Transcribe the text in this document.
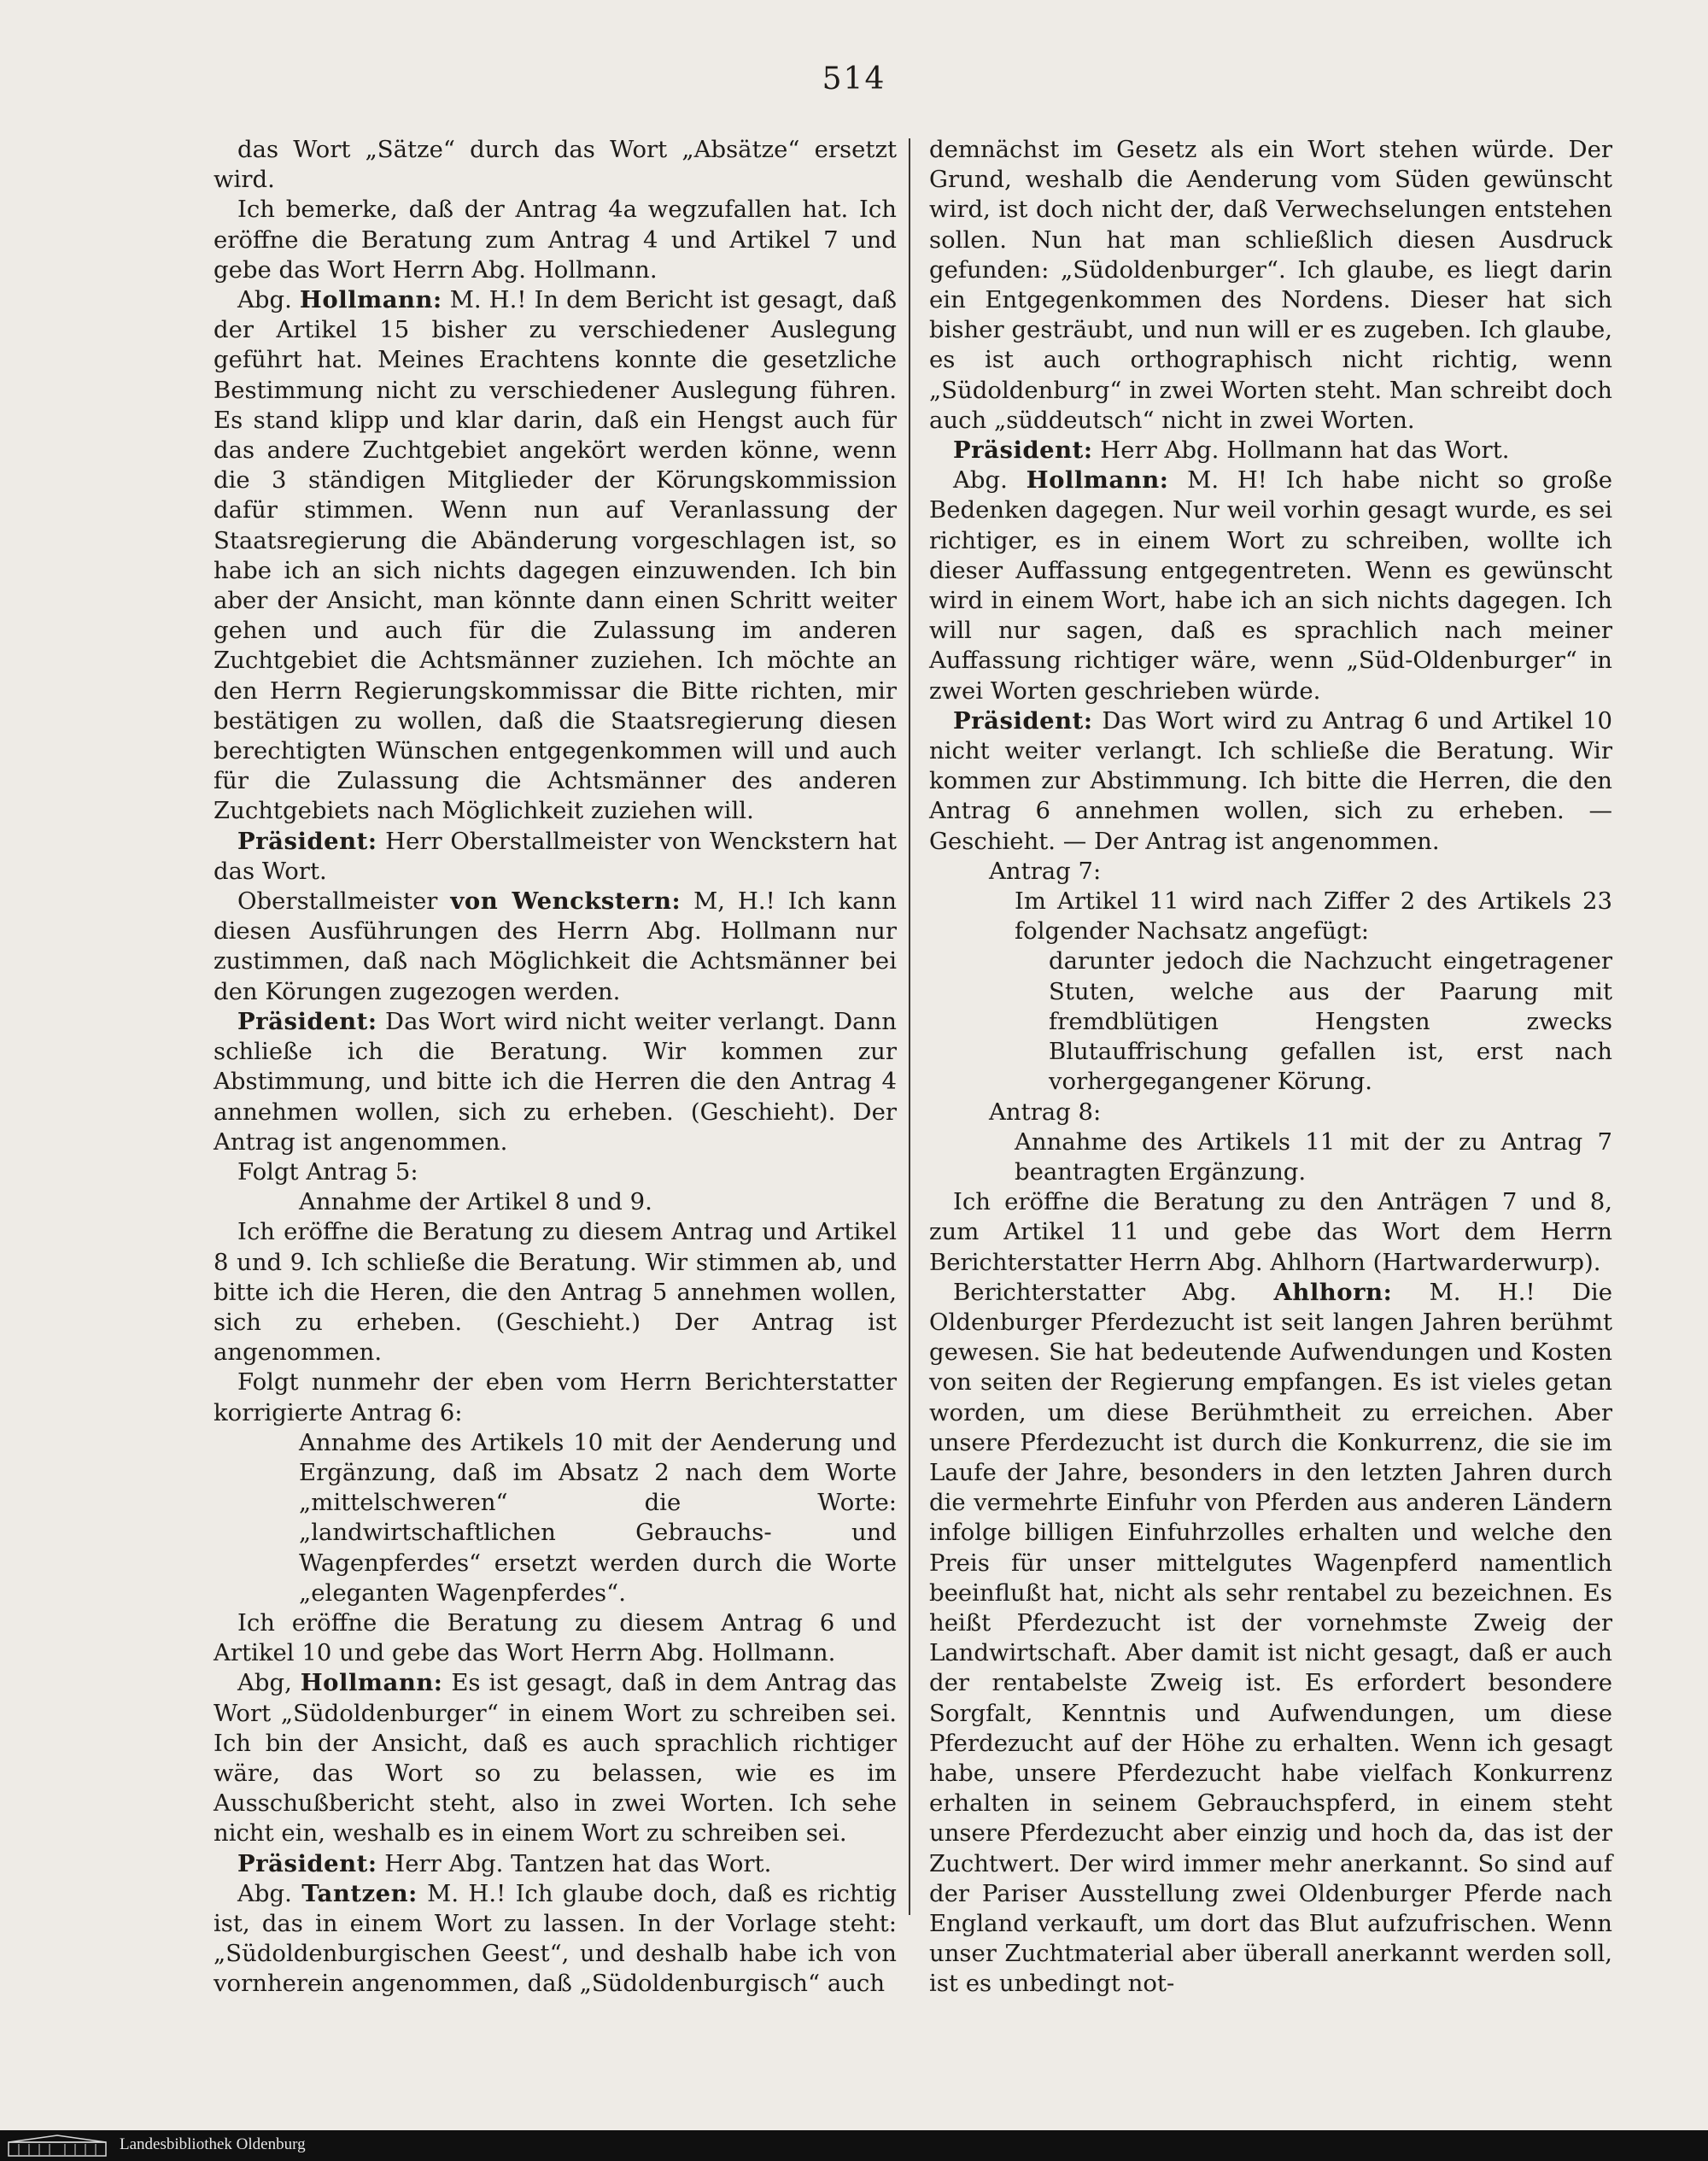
514

das Wort „Sätze“ durch das Wort „Absätze“ ersetzt wird.

Ich bemerke, daß der Antrag 4a wegzufallen hat. Ich eröffne die Beratung zum Antrag 4 und Artikel 7 und gebe das Wort Herrn Abg. Hollmann.

Abg. Hollmann: M. H.! In dem Bericht ist gesagt, daß der Artikel 15 bisher zu verschiedener Auslegung geführt hat. Meines Erachtens konnte die gesetzliche Bestimmung nicht zu verschiedener Auslegung führen. Es stand klipp und klar darin, daß ein Hengst auch für das andere Zuchtgebiet angekört werden könne, wenn die 3 ständigen Mitglieder der Körungskommission dafür stimmen. Wenn nun auf Veranlassung der Staatsregierung die Abänderung vorgeschlagen ist, so habe ich an sich nichts dagegen einzuwenden. Ich bin aber der Ansicht, man könnte dann einen Schritt weiter gehen und auch für die Zulassung im anderen Zuchtgebiet die Achtsmänner zuziehen. Ich möchte an den Herrn Regierungskommissar die Bitte richten, mir bestätigen zu wollen, daß die Staatsregierung diesen berechtigten Wünschen entgegenkommen will und auch für die Zulassung die Achtsmänner des anderen Zuchtgebiets nach Möglichkeit zuziehen will.

Präsident: Herr Oberstallmeister von Wenckstern hat das Wort.

Oberstallmeister von Wenckstern: M, H.! Ich kann diesen Ausführungen des Herrn Abg. Hollmann nur zustimmen, daß nach Möglichkeit die Achtsmänner bei den Körungen zugezogen werden.

Präsident: Das Wort wird nicht weiter verlangt. Dann schließe ich die Beratung. Wir kommen zur Abstimmung, und bitte ich die Herren die den Antrag 4 annehmen wollen, sich zu erheben. (Geschieht). Der Antrag ist angenommen.

Folgt Antrag 5:

Annahme der Artikel 8 und 9.

Ich eröffne die Beratung zu diesem Antrag und Artikel 8 und 9. Ich schließe die Beratung. Wir stimmen ab, und bitte ich die Heren, die den Antrag 5 annehmen wollen, sich zu erheben. (Geschieht.) Der Antrag ist angenommen.

Folgt nunmehr der eben vom Herrn Berichterstatter korrigierte Antrag 6:

Annahme des Artikels 10 mit der Aenderung und Ergänzung, daß im Absatz 2 nach dem Worte „mittelschweren“ die Worte: „landwirtschaftlichen Gebrauchs- und Wagenpferdes“ ersetzt werden durch die Worte „eleganten Wagenpferdes“.

Ich eröffne die Beratung zu diesem Antrag 6 und Artikel 10 und gebe das Wort Herrn Abg. Hollmann.

Abg, Hollmann: Es ist gesagt, daß in dem Antrag das Wort „Südoldenburger“ in einem Wort zu schreiben sei. Ich bin der Ansicht, daß es auch sprachlich richtiger wäre, das Wort so zu belassen, wie es im Ausschußbericht steht, also in zwei Worten. Ich sehe nicht ein, weshalb es in einem Wort zu schreiben sei.

Präsident: Herr Abg. Tantzen hat das Wort.

Abg. Tantzen: M. H.! Ich glaube doch, daß es richtig ist, das in einem Wort zu lassen. In der Vorlage steht: „Südoldenburgischen Geest“, und deshalb habe ich von vornherein angenommen, daß „Südoldenburgisch“ auch

demnächst im Gesetz als ein Wort stehen würde. Der Grund, weshalb die Aenderung vom Süden gewünscht wird, ist doch nicht der, daß Verwechselungen entstehen sollen. Nun hat man schließlich diesen Ausdruck gefunden: „Südoldenburger“. Ich glaube, es liegt darin ein Entgegenkommen des Nordens. Dieser hat sich bisher gesträubt, und nun will er es zugeben. Ich glaube, es ist auch orthographisch nicht richtig, wenn „Südoldenburg“ in zwei Worten steht. Man schreibt doch auch „süddeutsch“ nicht in zwei Worten.

Präsident: Herr Abg. Hollmann hat das Wort.

Abg. Hollmann: M. H! Ich habe nicht so große Bedenken dagegen. Nur weil vorhin gesagt wurde, es sei richtiger, es in einem Wort zu schreiben, wollte ich dieser Auffassung entgegentreten. Wenn es gewünscht wird in einem Wort, habe ich an sich nichts dagegen. Ich will nur sagen, daß es sprachlich nach meiner Auffassung richtiger wäre, wenn „Süd-Oldenburger“ in zwei Worten geschrieben würde.

Präsident: Das Wort wird zu Antrag 6 und Artikel 10 nicht weiter verlangt. Ich schließe die Beratung. Wir kommen zur Abstimmung. Ich bitte die Herren, die den Antrag 6 annehmen wollen, sich zu erheben. — Geschieht. — Der Antrag ist angenommen.

Antrag 7:

Im Artikel 11 wird nach Ziffer 2 des Artikels 23 folgender Nachsatz angefügt:

darunter jedoch die Nachzucht eingetragener Stuten, welche aus der Paarung mit fremdblütigen Hengsten zwecks Blutauffrischung gefallen ist, erst nach vorhergegangener Körung.

Antrag 8:

Annahme des Artikels 11 mit der zu Antrag 7 beantragten Ergänzung.

Ich eröffne die Beratung zu den Anträgen 7 und 8, zum Artikel 11 und gebe das Wort dem Herrn Berichterstatter Herrn Abg. Ahlhorn (Hartwarderwurp).

Berichterstatter Abg. Ahlhorn: M. H.! Die Oldenburger Pferdezucht ist seit langen Jahren berühmt gewesen. Sie hat bedeutende Aufwendungen und Kosten von seiten der Regierung empfangen. Es ist vieles getan worden, um diese Berühmtheit zu erreichen. Aber unsere Pferdezucht ist durch die Konkurrenz, die sie im Laufe der Jahre, besonders in den letzten Jahren durch die vermehrte Einfuhr von Pferden aus anderen Ländern infolge billigen Einfuhrzolles erhalten und welche den Preis für unser mittelgutes Wagenpferd namentlich beeinflußt hat, nicht als sehr rentabel zu bezeichnen. Es heißt Pferdezucht ist der vornehmste Zweig der Landwirtschaft. Aber damit ist nicht gesagt, daß er auch der rentabelste Zweig ist. Es erfordert besondere Sorgfalt, Kenntnis und Aufwendungen, um diese Pferdezucht auf der Höhe zu erhalten. Wenn ich gesagt habe, unsere Pferdezucht habe vielfach Konkurrenz erhalten in seinem Gebrauchspferd, in einem steht unsere Pferdezucht aber einzig und hoch da, das ist der Zuchtwert. Der wird immer mehr anerkannt. So sind auf der Pariser Ausstellung zwei Oldenburger Pferde nach England verkauft, um dort das Blut aufzufrischen. Wenn unser Zuchtmaterial aber überall anerkannt werden soll, ist es unbedingt not-

Landesbibliothek Oldenburg
